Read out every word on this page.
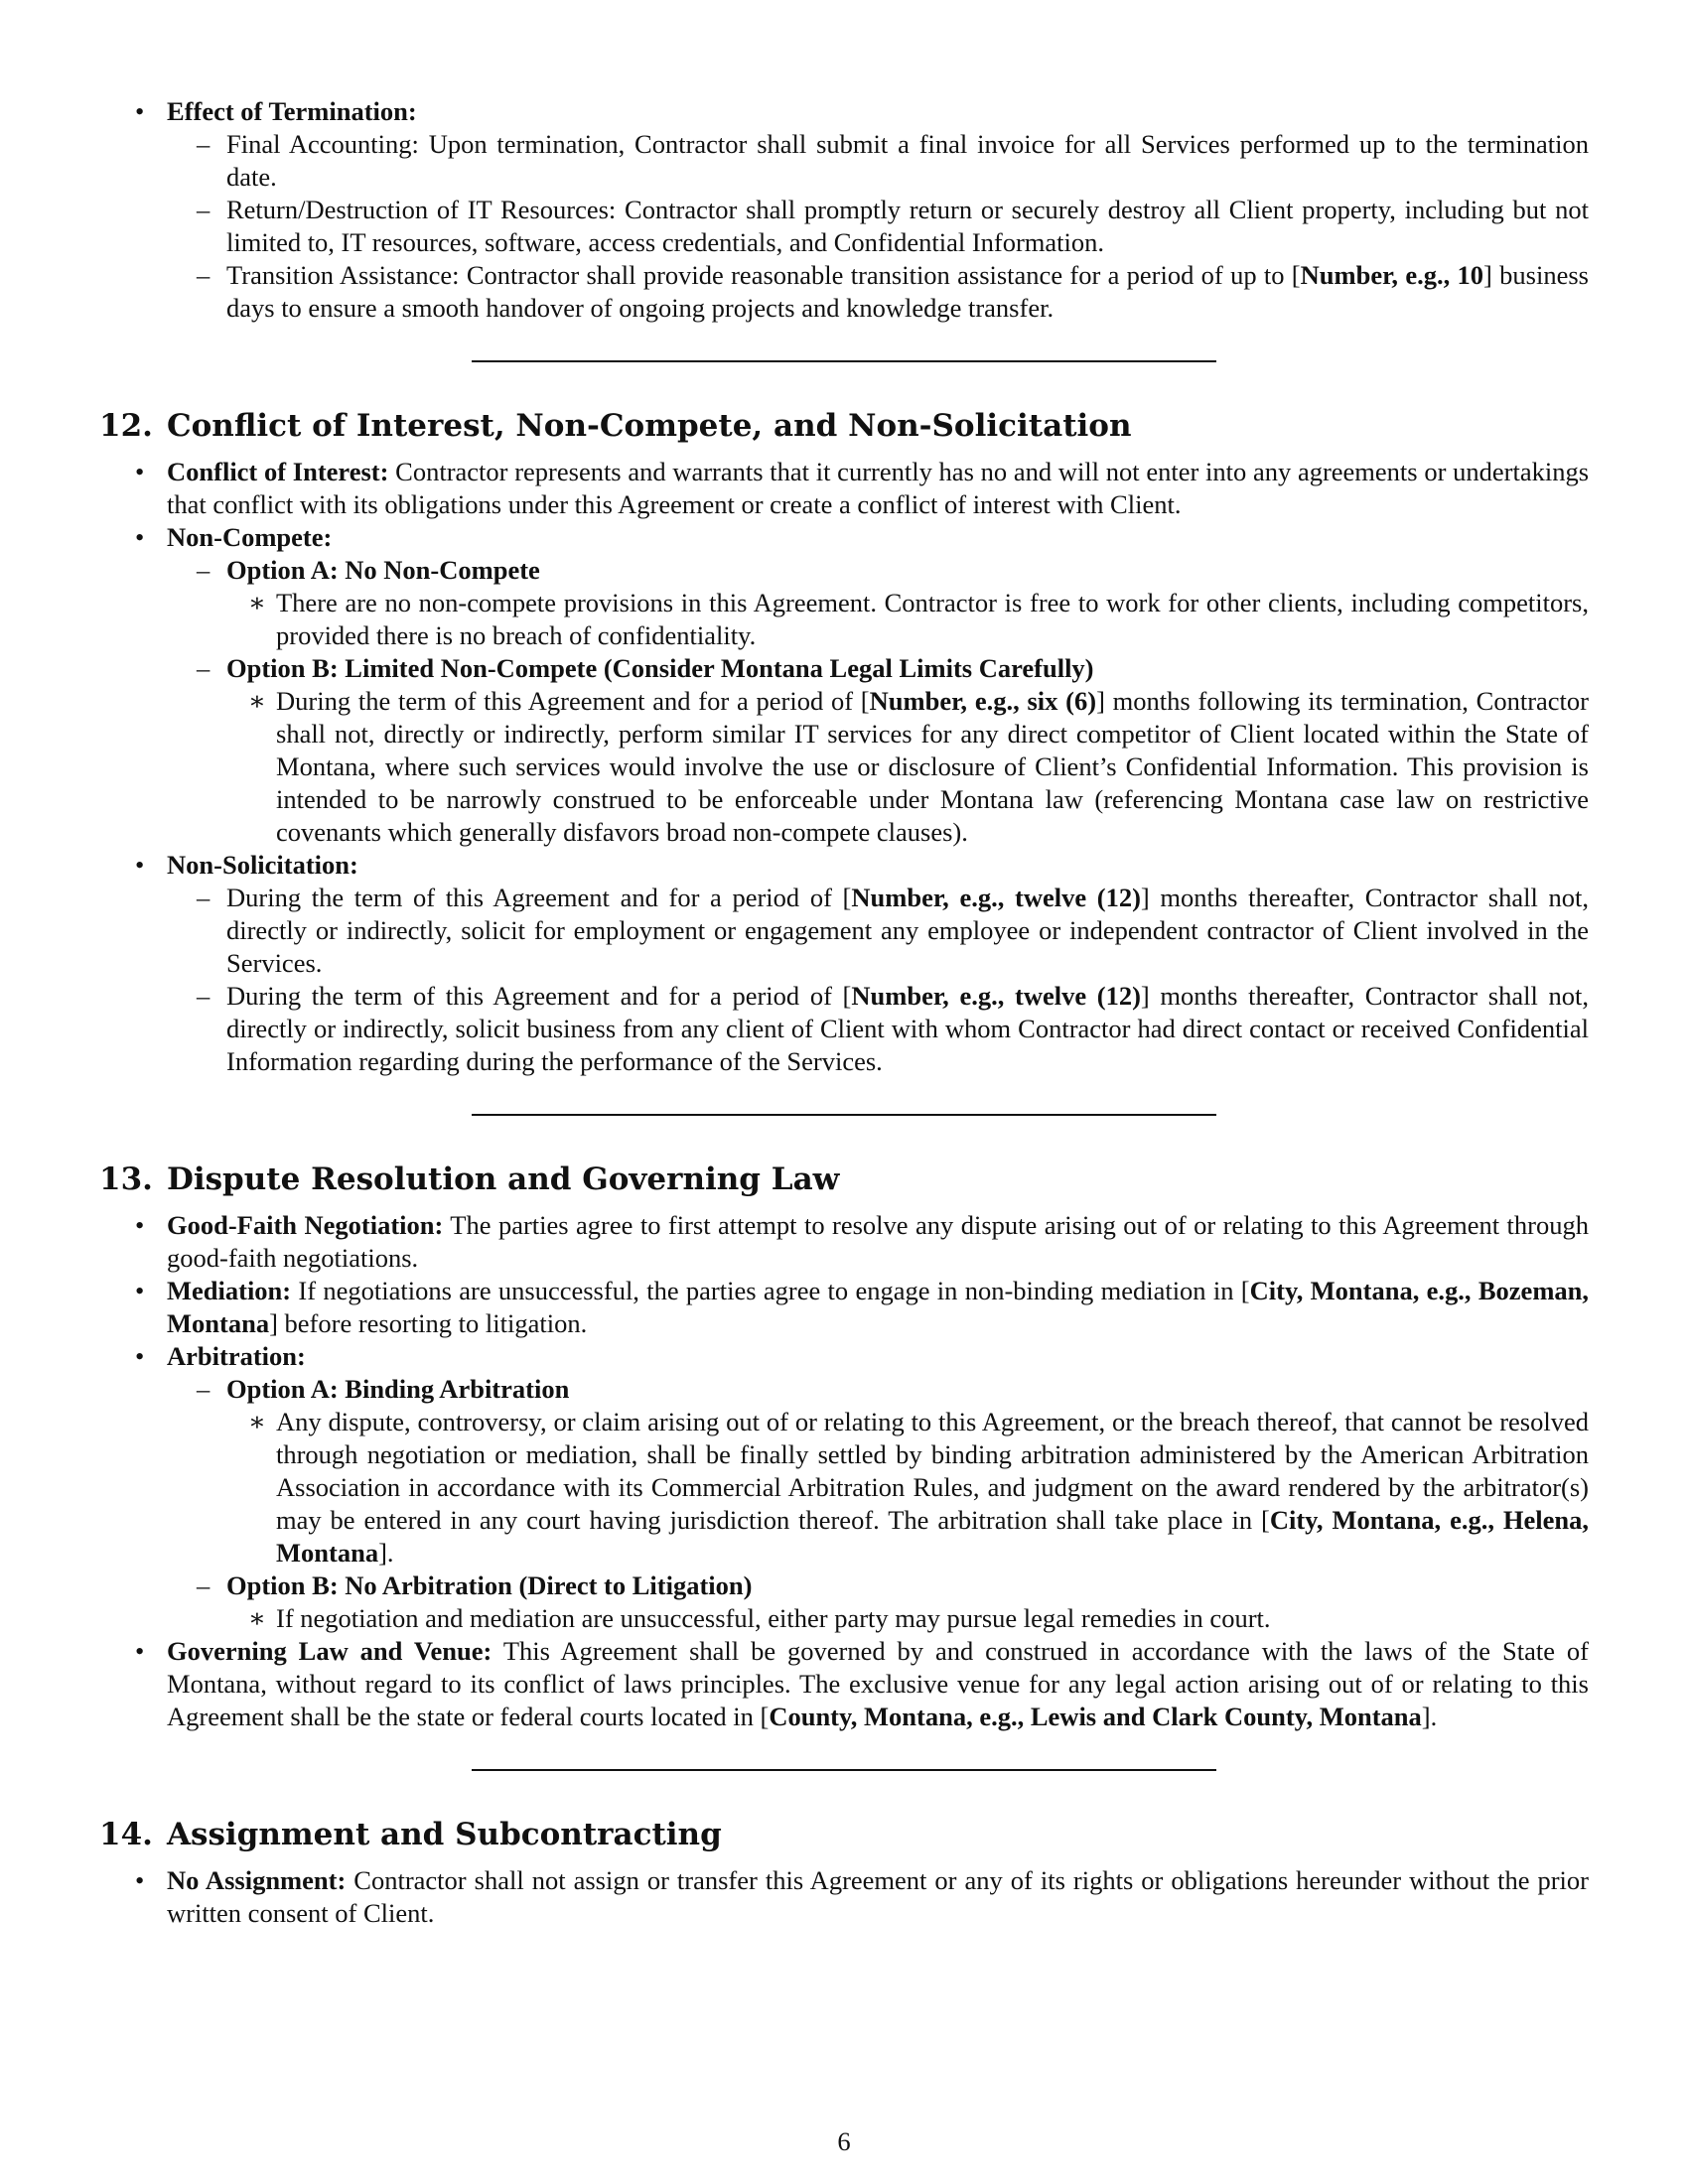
• Effect of Termination:
– Final Accounting: Upon termination, Contractor shall submit a final invoice for all Services performed up to the termination date.
– Return/Destruction of IT Resources: Contractor shall promptly return or securely destroy all Client property, including but not limited to, IT resources, software, access credentials, and Confidential Information.
– Transition Assistance: Contractor shall provide reasonable transition assistance for a period of up to [Number, e.g., 10] business days to ensure a smooth handover of ongoing projects and knowledge transfer.
12. Conflict of Interest, Non-Compete, and Non-Solicitation
• Conflict of Interest: Contractor represents and warrants that it currently has no and will not enter into any agreements or undertakings that conflict with its obligations under this Agreement or create a conflict of interest with Client.
• Non-Compete:
– Option A: No Non-Compete
∗ There are no non-compete provisions in this Agreement. Contractor is free to work for other clients, including competitors, provided there is no breach of confidentiality.
– Option B: Limited Non-Compete (Consider Montana Legal Limits Carefully)
∗ During the term of this Agreement and for a period of [Number, e.g., six (6)] months following its termination, Contractor shall not, directly or indirectly, perform similar IT services for any direct competitor of Client located within the State of Montana, where such services would involve the use or disclosure of Client’s Confidential Information. This provision is intended to be narrowly construed to be enforceable under Montana law (referencing Montana case law on restrictive covenants which generally disfavors broad non-compete clauses).
• Non-Solicitation:
– During the term of this Agreement and for a period of [Number, e.g., twelve (12)] months thereafter, Contractor shall not, directly or indirectly, solicit for employment or engagement any employee or independent contractor of Client involved in the Services.
– During the term of this Agreement and for a period of [Number, e.g., twelve (12)] months thereafter, Contractor shall not, directly or indirectly, solicit business from any client of Client with whom Contractor had direct contact or received Confidential Information regarding during the performance of the Services.
13. Dispute Resolution and Governing Law
• Good-Faith Negotiation: The parties agree to first attempt to resolve any dispute arising out of or relating to this Agreement through good-faith negotiations.
• Mediation: If negotiations are unsuccessful, the parties agree to engage in non-binding mediation in [City, Montana, e.g., Bozeman, Montana] before resorting to litigation.
• Arbitration:
– Option A: Binding Arbitration
∗ Any dispute, controversy, or claim arising out of or relating to this Agreement, or the breach thereof, that cannot be resolved through negotiation or mediation, shall be finally settled by binding arbitration administered by the American Arbitration Association in accordance with its Commercial Arbitration Rules, and judgment on the award rendered by the arbitrator(s) may be entered in any court having jurisdiction thereof. The arbitration shall take place in [City, Montana, e.g., Helena, Montana].
– Option B: No Arbitration (Direct to Litigation)
∗ If negotiation and mediation are unsuccessful, either party may pursue legal remedies in court.
• Governing Law and Venue: This Agreement shall be governed by and construed in accordance with the laws of the State of Montana, without regard to its conflict of laws principles. The exclusive venue for any legal action arising out of or relating to this Agreement shall be the state or federal courts located in [County, Montana, e.g., Lewis and Clark County, Montana].
14. Assignment and Subcontracting
• No Assignment: Contractor shall not assign or transfer this Agreement or any of its rights or obligations hereunder without the prior written consent of Client.
6
